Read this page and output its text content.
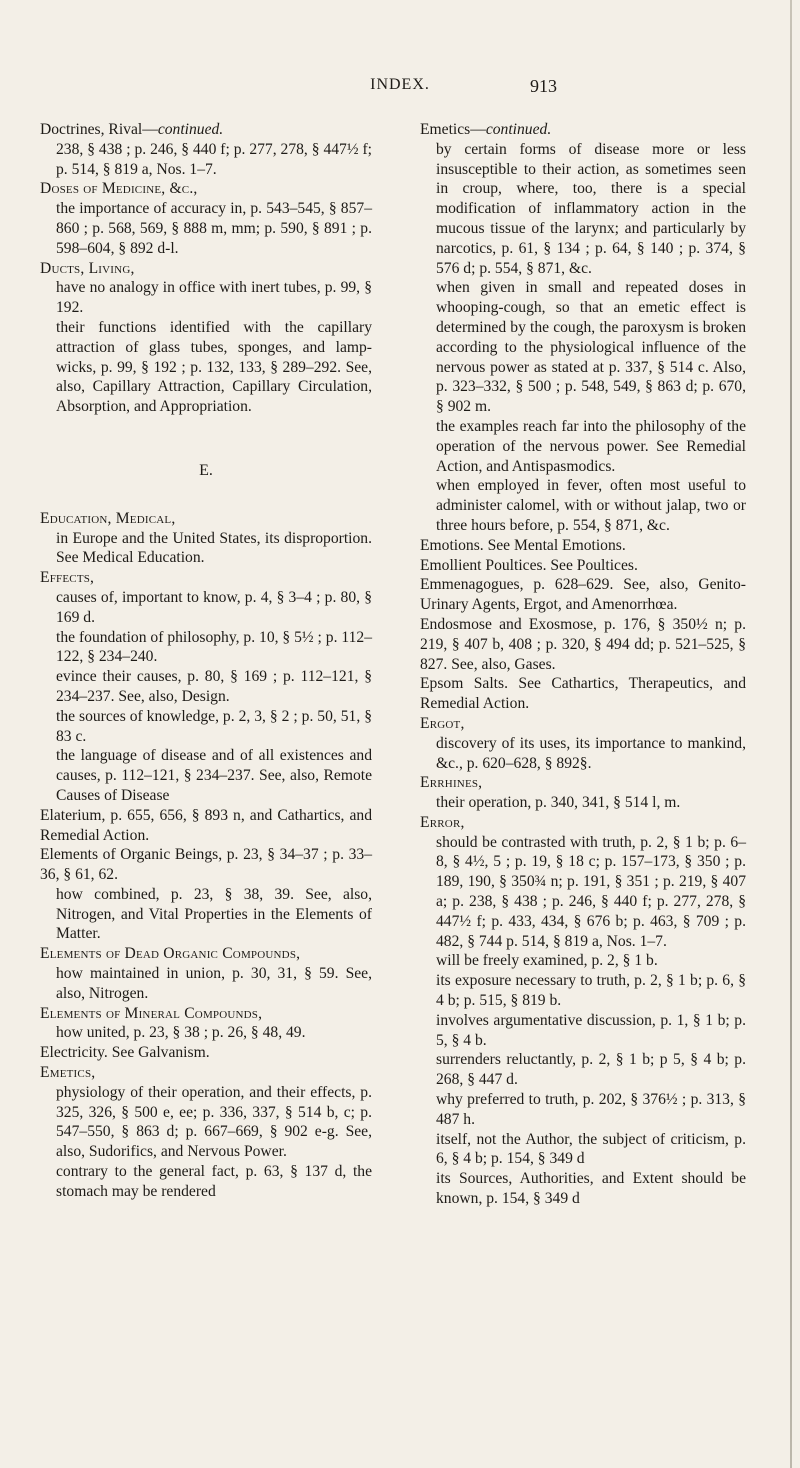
INDEX.	913

Doctrines, Rival—continued.

238, § 438 ; p. 246, § 440 f; p. 277, 278, § 447½ f; p. 514, § 819 a, Nos. 1–7.

Doses of Medicine, &c.,

the importance of accuracy in, p. 543–545, § 857–860 ; p. 568, 569, § 888 m, mm; p. 590, § 891 ; p. 598–604, § 892 d-l.

Ducts, Living,

have no analogy in office with inert tubes, p. 99, § 192.

their functions identified with the capillary attraction of glass tubes, sponges, and lamp-wicks, p. 99, § 192 ; p. 132, 133, § 289–292. See, also, Capillary Attraction, Capillary Circulation, Absorption, and Appropriation.

E.

Education, Medical,

in Europe and the United States, its disproportion. See Medical Education.

Effects,

causes of, important to know, p. 4, § 3–4 ; p. 80, § 169 d.

the foundation of philosophy, p. 10, § 5½ ; p. 112–122, § 234–240.

evince their causes, p. 80, § 169 ; p. 112–121, § 234–237. See, also, Design.

the sources of knowledge, p. 2, 3, § 2 ; p. 50, 51, § 83 c.

the language of disease and of all existences and causes, p. 112–121, § 234–237. See, also, Remote Causes of Disease

Elaterium, p. 655, 656, § 893 n, and Cathartics, and Remedial Action.

Elements of Organic Beings, p. 23, § 34–37 ; p. 33–36, § 61, 62.

how combined, p. 23, § 38, 39. See, also, Nitrogen, and Vital Properties in the Elements of Matter.

Elements of Dead Organic Compounds,

how maintained in union, p. 30, 31, § 59. See, also, Nitrogen.

Elements of Mineral Compounds,

how united, p. 23, § 38 ; p. 26, § 48, 49.

Electricity. See Galvanism.

Emetics,

physiology of their operation, and their effects, p. 325, 326, § 500 e, ee; p. 336, 337, § 514 b, c; p. 547–550, § 863 d; p. 667–669, § 902 e-g. See, also, Sudorifics, and Nervous Power.

contrary to the general fact, p. 63, § 137 d, the stomach may be rendered

Emetics—continued.

by certain forms of disease more or less insusceptible to their action, as sometimes seen in croup, where, too, there is a special modification of inflammatory action in the mucous tissue of the larynx; and particularly by narcotics, p. 61, § 134 ; p. 64, § 140 ; p. 374, § 576 d; p. 554, § 871, &c.

when given in small and repeated doses in whooping-cough, so that an emetic effect is determined by the cough, the paroxysm is broken according to the physiological influence of the nervous power as stated at p. 337, § 514 c. Also, p. 323–332, § 500 ; p. 548, 549, § 863 d; p. 670, § 902 m.

the examples reach far into the philosophy of the operation of the nervous power. See Remedial Action, and Antispasmodics.

when employed in fever, often most useful to administer calomel, with or without jalap, two or three hours before, p. 554, § 871, &c.

Emotions. See Mental Emotions.

Emollient Poultices. See Poultices.

Emmenagogues, p. 628–629. See, also, Genito-Urinary Agents, Ergot, and Amenorrhœa.

Endosmose and Exosmose, p. 176, § 350½ n; p. 219, § 407 b, 408 ; p. 320, § 494 dd; p. 521–525, § 827. See, also, Gases.

Epsom Salts. See Cathartics, Therapeutics, and Remedial Action.

Ergot,

discovery of its uses, its importance to mankind, &c., p. 620–628, § 892§.

Errhines,

their operation, p. 340, 341, § 514 l, m.

Error,

should be contrasted with truth, p. 2, § 1 b; p. 6–8, § 4½, 5 ; p. 19, § 18 c; p. 157–173, § 350 ; p. 189, 190, § 350¾ n; p. 191, § 351 ; p. 219, § 407 a; p. 238, § 438 ; p. 246, § 440 f; p. 277, 278, § 447½ f; p. 433, 434, § 676 b; p. 463, § 709 ; p. 482, § 744 p. 514, § 819 a, Nos. 1–7.

will be freely examined, p. 2, § 1 b.

its exposure necessary to truth, p. 2, § 1 b; p. 6, § 4 b; p. 515, § 819 b.

involves argumentative discussion, p. 1, § 1 b; p. 5, § 4 b.

surrenders reluctantly, p. 2, § 1 b; p 5, § 4 b; p. 268, § 447 d.

why preferred to truth, p. 202, § 376½ ; p. 313, § 487 h.

itself, not the Author, the subject of criticism, p. 6, § 4 b; p. 154, § 349 d

its Sources, Authorities, and Extent should be known, p. 154, § 349 d
